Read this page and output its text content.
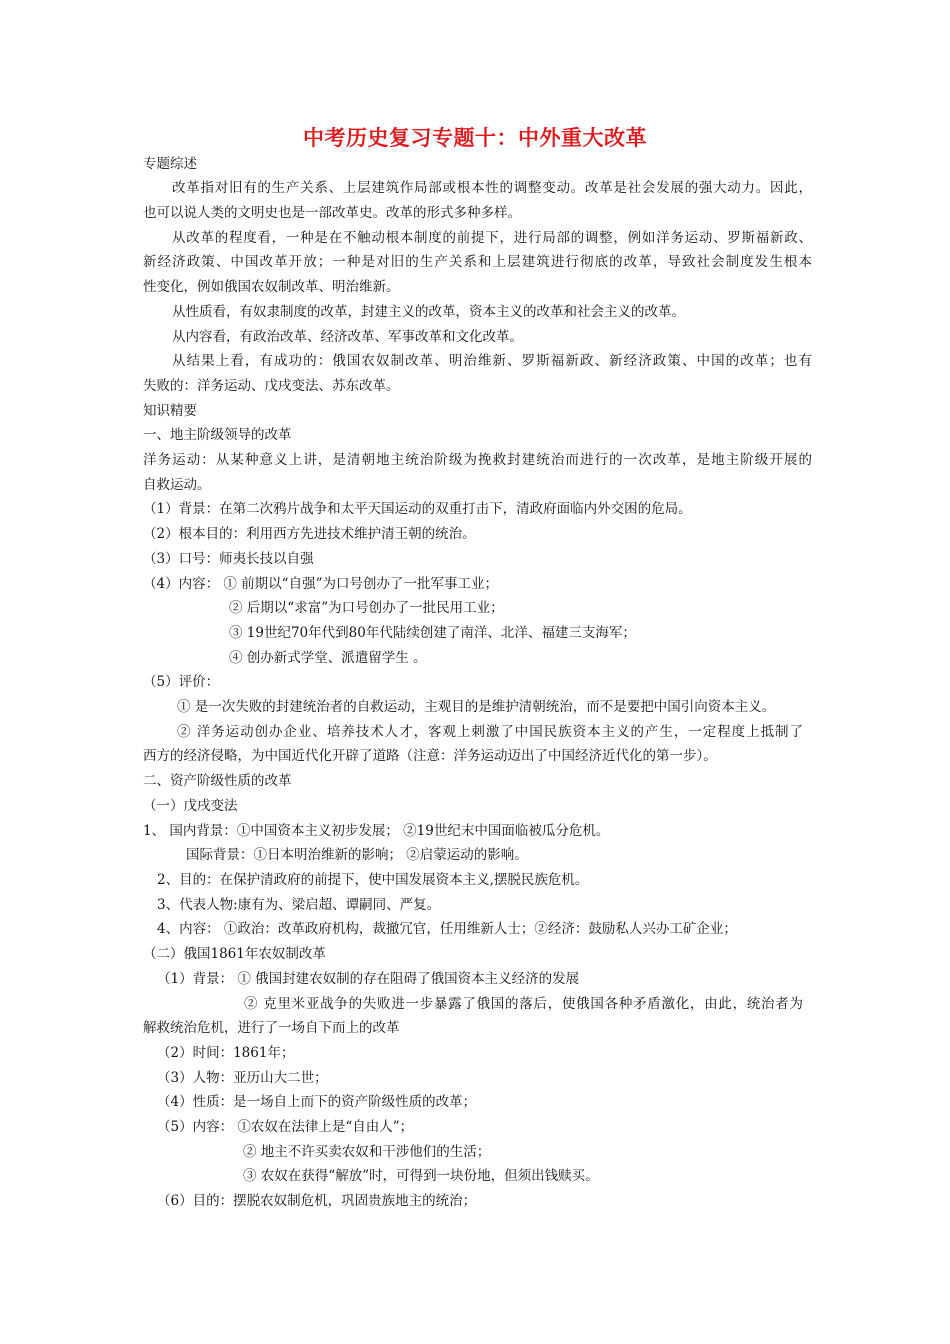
中考历史复习专题十：中外重大改革
专题综述
改革指对旧有的生产关系、上层建筑作局部或根本性的调整变动。改革是社会发展的强大动力。因此，
也可以说人类的文明史也是一部改革史。改革的形式多种多样。
从改革的程度看，一种是在不触动根本制度的前提下，进行局部的调整，例如洋务运动、罗斯福新政、
新经济政策、中国改革开放；一种是对旧的生产关系和上层建筑进行彻底的改革，导致社会制度发生根本
性变化，例如俄国农奴制改革、明治维新。
从性质看，有奴隶制度的改革，封建主义的改革，资本主义的改革和社会主义的改革。
从内容看，有政治改革、经济改革、军事改革和文化改革。
从结果上看，有成功的：俄国农奴制改革、明治维新、罗斯福新政、新经济政策、中国的改革；也有
失败的：洋务运动、戊戌变法、苏东改革。
知识精要
一、地主阶级领导的改革
洋务运动：从某种意义上讲，是清朝地主统治阶级为挽救封建统治而进行的一次改革，是地主阶级开展的
自救运动。
（1）背景：在第二次鸦片战争和太平天国运动的双重打击下，清政府面临内外交困的危局。
（2）根本目的：利用西方先进技术维护清王朝的统治。
（3）口号：师夷长技以自强
（4）内容： ① 前期以“自强”为口号创办了一批军事工业；
② 后期以“求富”为口号创办了一批民用工业；
③ 19世纪70年代到80年代陆续创建了南洋、北洋、福建三支海军；
④ 创办新式学堂、派遣留学生 。
（5）评价：
① 是一次失败的封建统治者的自救运动，主观目的是维护清朝统治，而不是要把中国引向资本主义。
② 洋务运动创办企业、培养技术人才，客观上刺激了中国民族资本主义的产生，一定程度上抵制了
西方的经济侵略，为中国近代化开辟了道路（注意：洋务运动迈出了中国经济近代化的第一步）。
二、资产阶级性质的改革
（一）戊戌变法
1、 国内背景：①中国资本主义初步发展； ②19世纪末中国面临被瓜分危机。
国际背景：①日本明治维新的影响； ②启蒙运动的影响。
2、目的：在保护清政府的前提下，使中国发展资本主义,摆脱民族危机。
3、代表人物:康有为、梁启超、谭嗣同、严复。
4、内容： ①政治：改革政府机构，裁撤冗官，任用维新人士；②经济：鼓励私人兴办工矿企业；
（二）俄国1861年农奴制改革
（1）背景： ① 俄国封建农奴制的存在阻碍了俄国资本主义经济的发展
② 克里米亚战争的失败进一步暴露了俄国的落后，使俄国各种矛盾激化，由此，统治者为
解救统治危机，进行了一场自下而上的改革
（2）时间：1861年；
（3）人物：亚历山大二世；
（4）性质：是一场自上而下的资产阶级性质的改革；
（5）内容： ①农奴在法律上是“自由人”；
② 地主不许买卖农奴和干涉他们的生活；
③ 农奴在获得“解放”时，可得到一块份地，但须出钱赎买。
（6）目的：摆脱农奴制危机，巩固贵族地主的统治；
